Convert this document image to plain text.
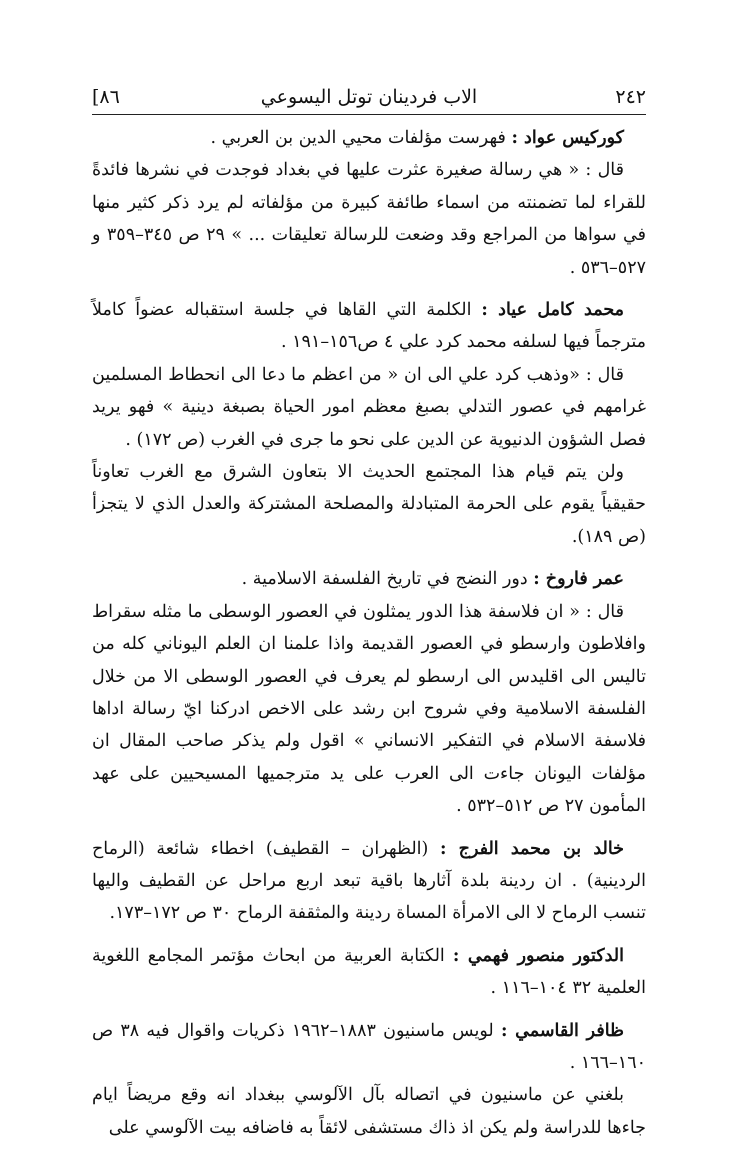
٢٤٢
الاب فردينان توتل اليسوعي
[٨٦

كوركيس عواد : فهرست مؤلفات محيي الدين بن العربي .

قال : « هي رسالة صغيرة عثرت عليها في بغداد فوجدت في نشرها فائدةً للقراء لما تضمنته من اسماء طائفة كبيرة من مؤلفاته لم يرد ذكر كثير منها في سواها من المراجع وقد وضعت للرسالة تعليقات ... » ٢٩ ص ٣٤٥–٣٥٩ و ٥٢٧–٥٣٦ .

محمد كامل عياد : الكلمة التي القاها في جلسة استقباله عضواً كاملاً مترجماً فيها لسلفه محمد كرد علي ٤ ص١٥٦–١٩١ .

قال : «وذهب كرد علي الى ان « من اعظم ما دعا الى انحطاط المسلمين غرامهم في عصور التدلي بصبغ معظم امور الحياة بصبغة دينية » فهو يريد فصل الشؤون الدنيوية عن الدين على نحو ما جرى في الغرب (ص ١٧٢) .

ولن يتم قيام هذا المجتمع الحديث الا بتعاون الشرق مع الغرب تعاوناً حقيقياً يقوم على الحرمة المتبادلة والمصلحة المشتركة والعدل الذي لا يتجزأ (ص ١٨٩).

عمر فاروخ : دور النضج في تاريخ الفلسفة الاسلامية .

قال : « ان فلاسفة هذا الدور يمثلون في العصور الوسطى ما مثله سقراط وافلاطون وارسطو في العصور القديمة واذا علمنا ان العلم اليوناني كله من تاليس الى اقليدس الى ارسطو لم يعرف في العصور الوسطى الا من خلال الفلسفة الاسلامية وفي شروح ابن رشد على الاخص ادركنا ايّ رسالة اداها فلاسفة الاسلام في التفكير الانساني » اقول ولم يذكر صاحب المقال ان مؤلفات اليونان جاءت الى العرب على يد مترجميها المسيحيين على عهد المأمون ٢٧ ص ٥١٢–٥٣٢ .

خالد بن محمد الفرج : (الظهران – القطيف) اخطاء شائعة (الرماح الردينية) . ان ردينة بلدة آثارها باقية تبعد اربع مراحل عن القطيف واليها تنسب الرماح لا الى الامرأة المساة ردينة والمثقفة الرماح ٣٠ ص ١٧٢–١٧٣.

الدكتور منصور فهمي : الكتابة العربية من ابحاث مؤتمر المجامع اللغوية العلمية ٣٢ ١٠٤–١١٦ .

ظافر القاسمي : لويس ماسنيون ١٨٨٣–١٩٦٢ ذكريات واقوال فيه ٣٨ ص ١٦٠–١٦٦ .

بلغني عن ماسنيون في اتصاله بآل الآلوسي ببغداد انه وقع مريضاً ايام جاءها للدراسة ولم يكن اذ ذاك مستشفى لائقاً به فاضافه بيت الآلوسي على
